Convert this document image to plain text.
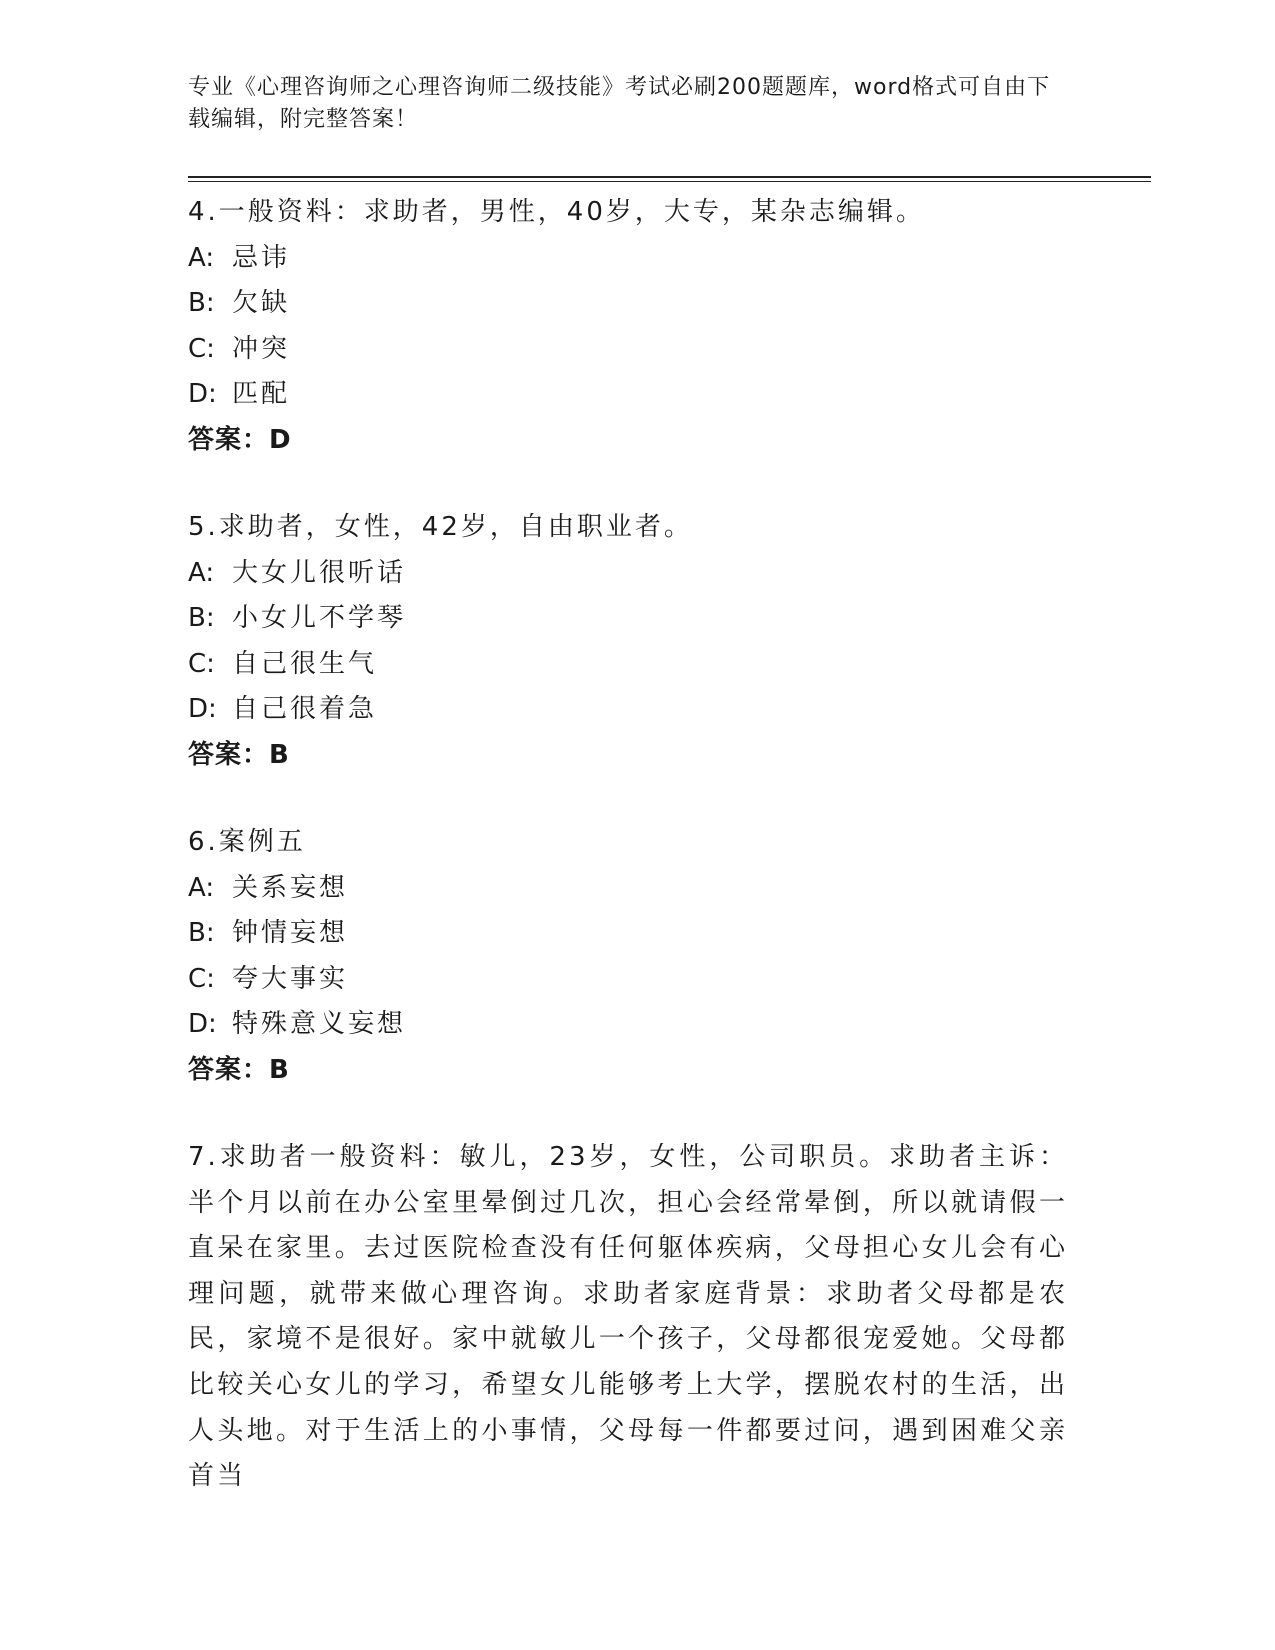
专业《心理咨询师之心理咨询师二级技能》考试必刷200题题库，word格式可自由下载编辑，附完整答案！
4.一般资料：求助者，男性，40岁，大专，某杂志编辑。
A: 忌讳
B: 欠缺
C: 冲突
D: 匹配
答案：D
5.求助者，女性，42岁，自由职业者。
A: 大女儿很听话
B: 小女儿不学琴
C: 自己很生气
D: 自己很着急
答案：B
6.案例五
A: 关系妄想
B: 钟情妄想
C: 夸大事实
D: 特殊意义妄想
答案：B
7.求助者一般资料：敏儿，23岁，女性，公司职员。求助者主诉：半个月以前在办公室里晕倒过几次，担心会经常晕倒，所以就请假一直呆在家里。去过医院检查没有任何躯体疾病，父母担心女儿会有心理问题，就带来做心理咨询。求助者家庭背景：求助者父母都是农民，家境不是很好。家中就敏儿一个孩子，父母都很宠爱她。父母都比较关心女儿的学习，希望女儿能够考上大学，摆脱农村的生活，出人头地。对于生活上的小事情，父母每一件都要过问，遇到困难父亲首当
